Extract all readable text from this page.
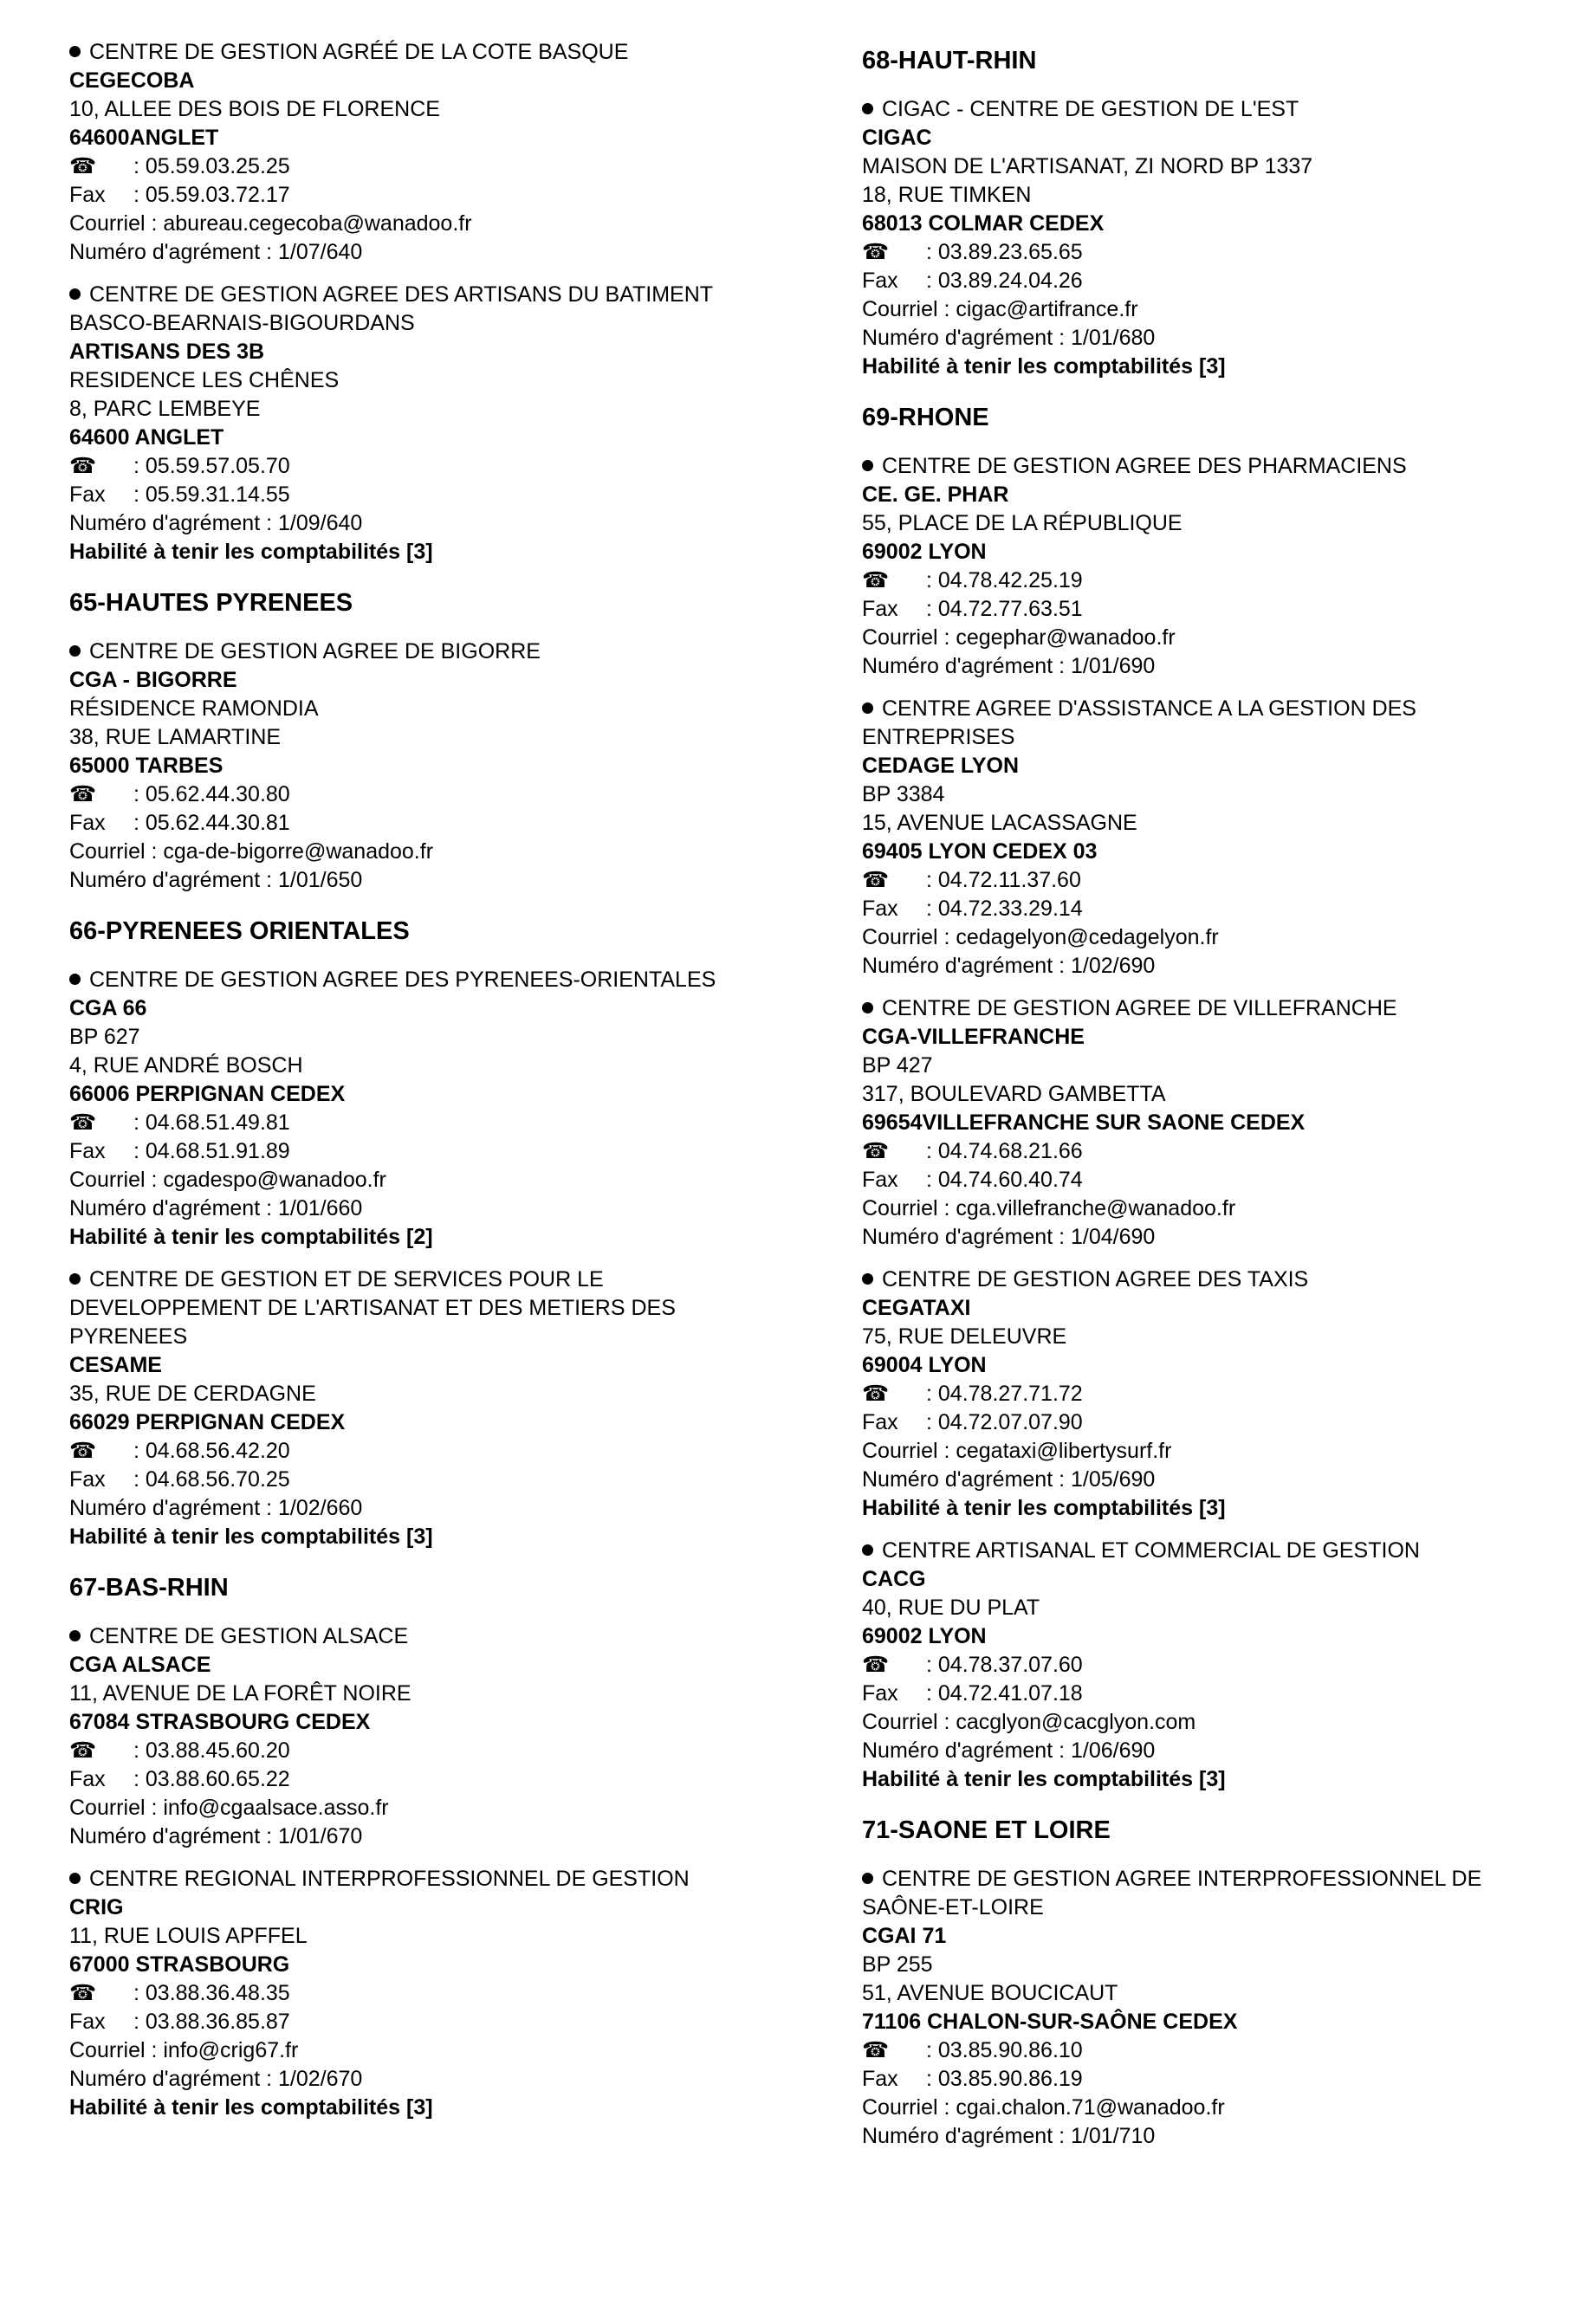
CENTRE DE GESTION AGRÉÉ DE LA COTE BASQUE
CEGECOBA
10, ALLEE DES BOIS DE FLORENCE
64600ANGLET
☎ : 05.59.03.25.25
Fax : 05.59.03.72.17
Courriel : abureau.cegecoba@wanadoo.fr
Numéro d'agrément : 1/07/640
CENTRE DE GESTION AGREE DES ARTISANS DU BATIMENT BASCO-BEARNAIS-BIGOURDANS
ARTISANS DES 3B
RESIDENCE LES CHÊNES
8, PARC LEMBEYE
64600 ANGLET
☎ : 05.59.57.05.70
Fax : 05.59.31.14.55
Numéro d'agrément : 1/09/640
Habilité à tenir les comptabilités [3]
65-HAUTES PYRENEES
CENTRE DE GESTION AGREE DE BIGORRE
CGA - BIGORRE
RÉSIDENCE RAMONDIA
38, RUE LAMARTINE
65000 TARBES
☎ : 05.62.44.30.80
Fax : 05.62.44.30.81
Courriel : cga-de-bigorre@wanadoo.fr
Numéro d'agrément : 1/01/650
66-PYRENEES ORIENTALES
CENTRE DE GESTION AGREE DES PYRENEES-ORIENTALES
CGA 66
BP 627
4, RUE ANDRÉ BOSCH
66006 PERPIGNAN CEDEX
☎ : 04.68.51.49.81
Fax : 04.68.51.91.89
Courriel : cgadespo@wanadoo.fr
Numéro d'agrément : 1/01/660
Habilité à tenir les comptabilités [2]
CENTRE DE GESTION ET DE SERVICES POUR LE DEVELOPPEMENT DE L'ARTISANAT ET DES METIERS DES PYRENEES
CESAME
35, RUE DE CERDAGNE
66029 PERPIGNAN CEDEX
☎ : 04.68.56.42.20
Fax : 04.68.56.70.25
Numéro d'agrément : 1/02/660
Habilité à tenir les comptabilités [3]
67-BAS-RHIN
CENTRE DE GESTION ALSACE
CGA ALSACE
11, AVENUE DE LA FORÊT NOIRE
67084 STRASBOURG CEDEX
☎ : 03.88.45.60.20
Fax : 03.88.60.65.22
Courriel : info@cgaalsace.asso.fr
Numéro d'agrément : 1/01/670
CENTRE REGIONAL INTERPROFESSIONNEL DE GESTION
CRIG
11, RUE LOUIS APFFEL
67000 STRASBOURG
☎ : 03.88.36.48.35
Fax : 03.88.36.85.87
Courriel : info@crig67.fr
Numéro d'agrément : 1/02/670
Habilité à tenir les comptabilités [3]
68-HAUT-RHIN
CIGAC - CENTRE DE GESTION DE L'EST
CIGAC
MAISON DE L'ARTISANAT, ZI NORD BP 1337
18, RUE TIMKEN
68013 COLMAR CEDEX
☎ : 03.89.23.65.65
Fax : 03.89.24.04.26
Courriel : cigac@artifrance.fr
Numéro d'agrément : 1/01/680
Habilité à tenir les comptabilités [3]
69-RHONE
CENTRE DE GESTION AGREE DES PHARMACIENS
CE. GE. PHAR
55, PLACE DE LA RÉPUBLIQUE
69002 LYON
☎ : 04.78.42.25.19
Fax : 04.72.77.63.51
Courriel : cegephar@wanadoo.fr
Numéro d'agrément : 1/01/690
CENTRE AGREE D'ASSISTANCE A LA GESTION DES ENTREPRISES
CEDAGE LYON
BP 3384
15, AVENUE LACASSAGNE
69405 LYON CEDEX 03
☎ : 04.72.11.37.60
Fax : 04.72.33.29.14
Courriel : cedagelyon@cedagelyon.fr
Numéro d'agrément : 1/02/690
CENTRE DE GESTION AGREE DE VILLEFRANCHE
CGA-VILLEFRANCHE
BP 427
317, BOULEVARD GAMBETTA
69654VILLEFRANCHE SUR SAONE CEDEX
☎ : 04.74.68.21.66
Fax : 04.74.60.40.74
Courriel : cga.villefranche@wanadoo.fr
Numéro d'agrément : 1/04/690
CENTRE DE GESTION AGREE DES TAXIS
CEGATAXI
75, RUE DELEUVRE
69004 LYON
☎ : 04.78.27.71.72
Fax : 04.72.07.07.90
Courriel : cegataxi@libertysurf.fr
Numéro d'agrément : 1/05/690
Habilité à tenir les comptabilités [3]
CENTRE ARTISANAL ET COMMERCIAL DE GESTION
CACG
40, RUE DU PLAT
69002 LYON
☎ : 04.78.37.07.60
Fax : 04.72.41.07.18
Courriel : cacglyon@cacglyon.com
Numéro d'agrément : 1/06/690
Habilité à tenir les comptabilités [3]
71-SAONE ET LOIRE
CENTRE DE GESTION AGREE INTERPROFESSIONNEL DE SAÔNE-ET-LOIRE
CGAI 71
BP 255
51, AVENUE BOUCICAUT
71106 CHALON-SUR-SAÔNE CEDEX
☎ : 03.85.90.86.10
Fax : 03.85.90.86.19
Courriel : cgai.chalon.71@wanadoo.fr
Numéro d'agrément : 1/01/710
